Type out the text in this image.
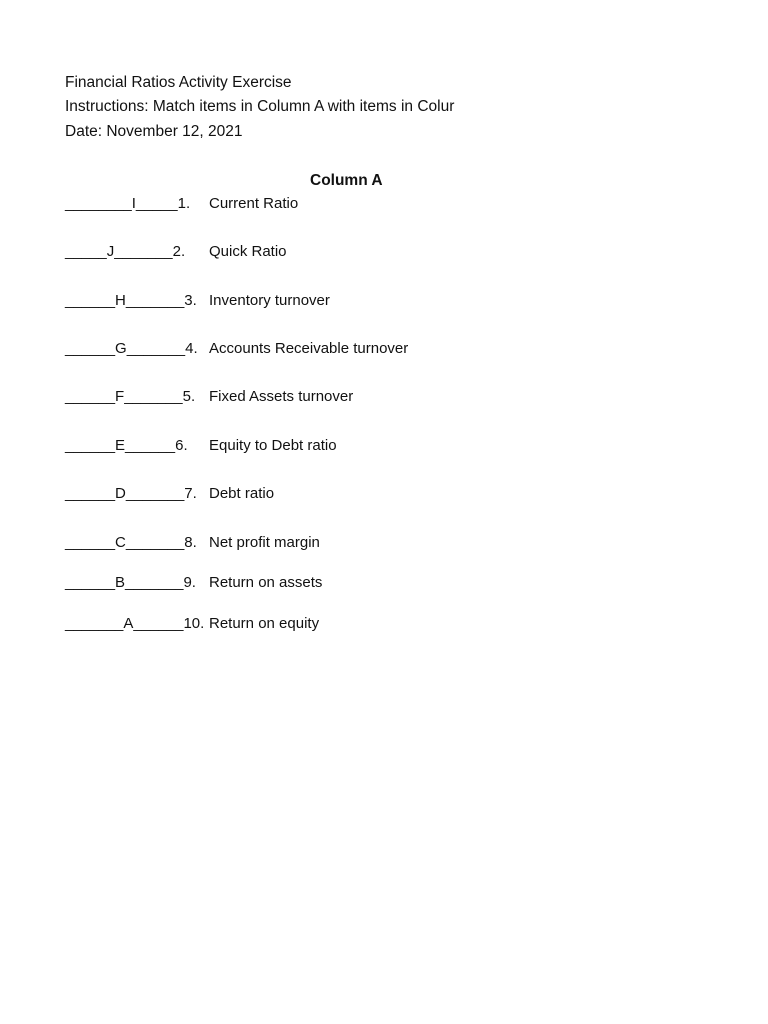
Financial Ratios Activity Exercise
Instructions: Match items in Column A with items in Colur
Date: November 12, 2021
Column A
________I_____1. Current Ratio
_____J_______2. Quick Ratio
______H_______3. Inventory turnover
______G_______4. Accounts Receivable turnover
______F_______5. Fixed Assets turnover
______E______6. Equity to Debt ratio
______D_______7. Debt ratio
______C_______8. Net profit margin
______B_______9. Return on assets
_______A______10. Return on equity
